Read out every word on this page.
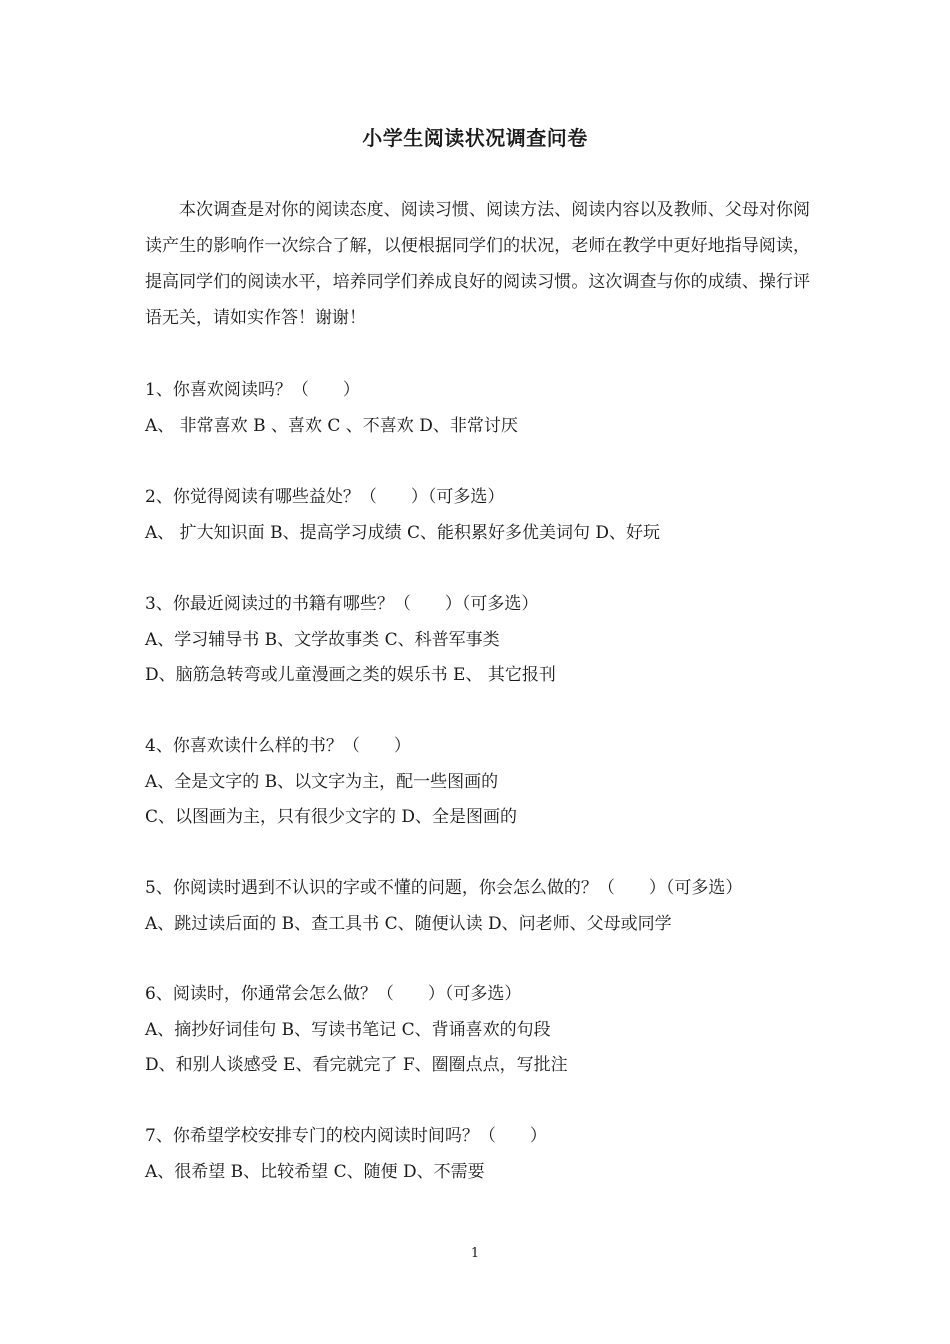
小学生阅读状况调查问卷

本次调查是对你的阅读态度、阅读习惯、阅读方法、阅读内容以及教师、父母对你阅读产生的影响作一次综合了解，以便根据同学们的状况，老师在教学中更好地指导阅读，提高同学们的阅读水平，培养同学们养成良好的阅读习惯。这次调查与你的成绩、操行评语无关，请如实作答！谢谢！

1、你喜欢阅读吗？（　　）

A、 非常喜欢 B 、喜欢 C 、不喜欢 D、非常讨厌

2、你觉得阅读有哪些益处？（　　）（可多选）

A、 扩大知识面 B、提高学习成绩 C、能积累好多优美词句 D、好玩

3、你最近阅读过的书籍有哪些？（　　）（可多选）

A、学习辅导书 B、文学故事类 C、科普军事类

D、脑筋急转弯或儿童漫画之类的娱乐书 E、 其它报刊

4、你喜欢读什么样的书？（　　）

A、全是文字的 B、以文字为主，配一些图画的

C、以图画为主，只有很少文字的 D、全是图画的

5、你阅读时遇到不认识的字或不懂的问题，你会怎么做的？（　　）（可多选）

A、跳过读后面的 B、查工具书 C、随便认读 D、问老师、父母或同学

6、阅读时，你通常会怎么做？（　　）（可多选）

A、摘抄好词佳句 B、写读书笔记 C、背诵喜欢的句段

D、和别人谈感受 E、看完就完了 F、圈圈点点，写批注

7、你希望学校安排专门的校内阅读时间吗？（　　）

A、很希望 B、比较希望 C、随便 D、不需要

1
